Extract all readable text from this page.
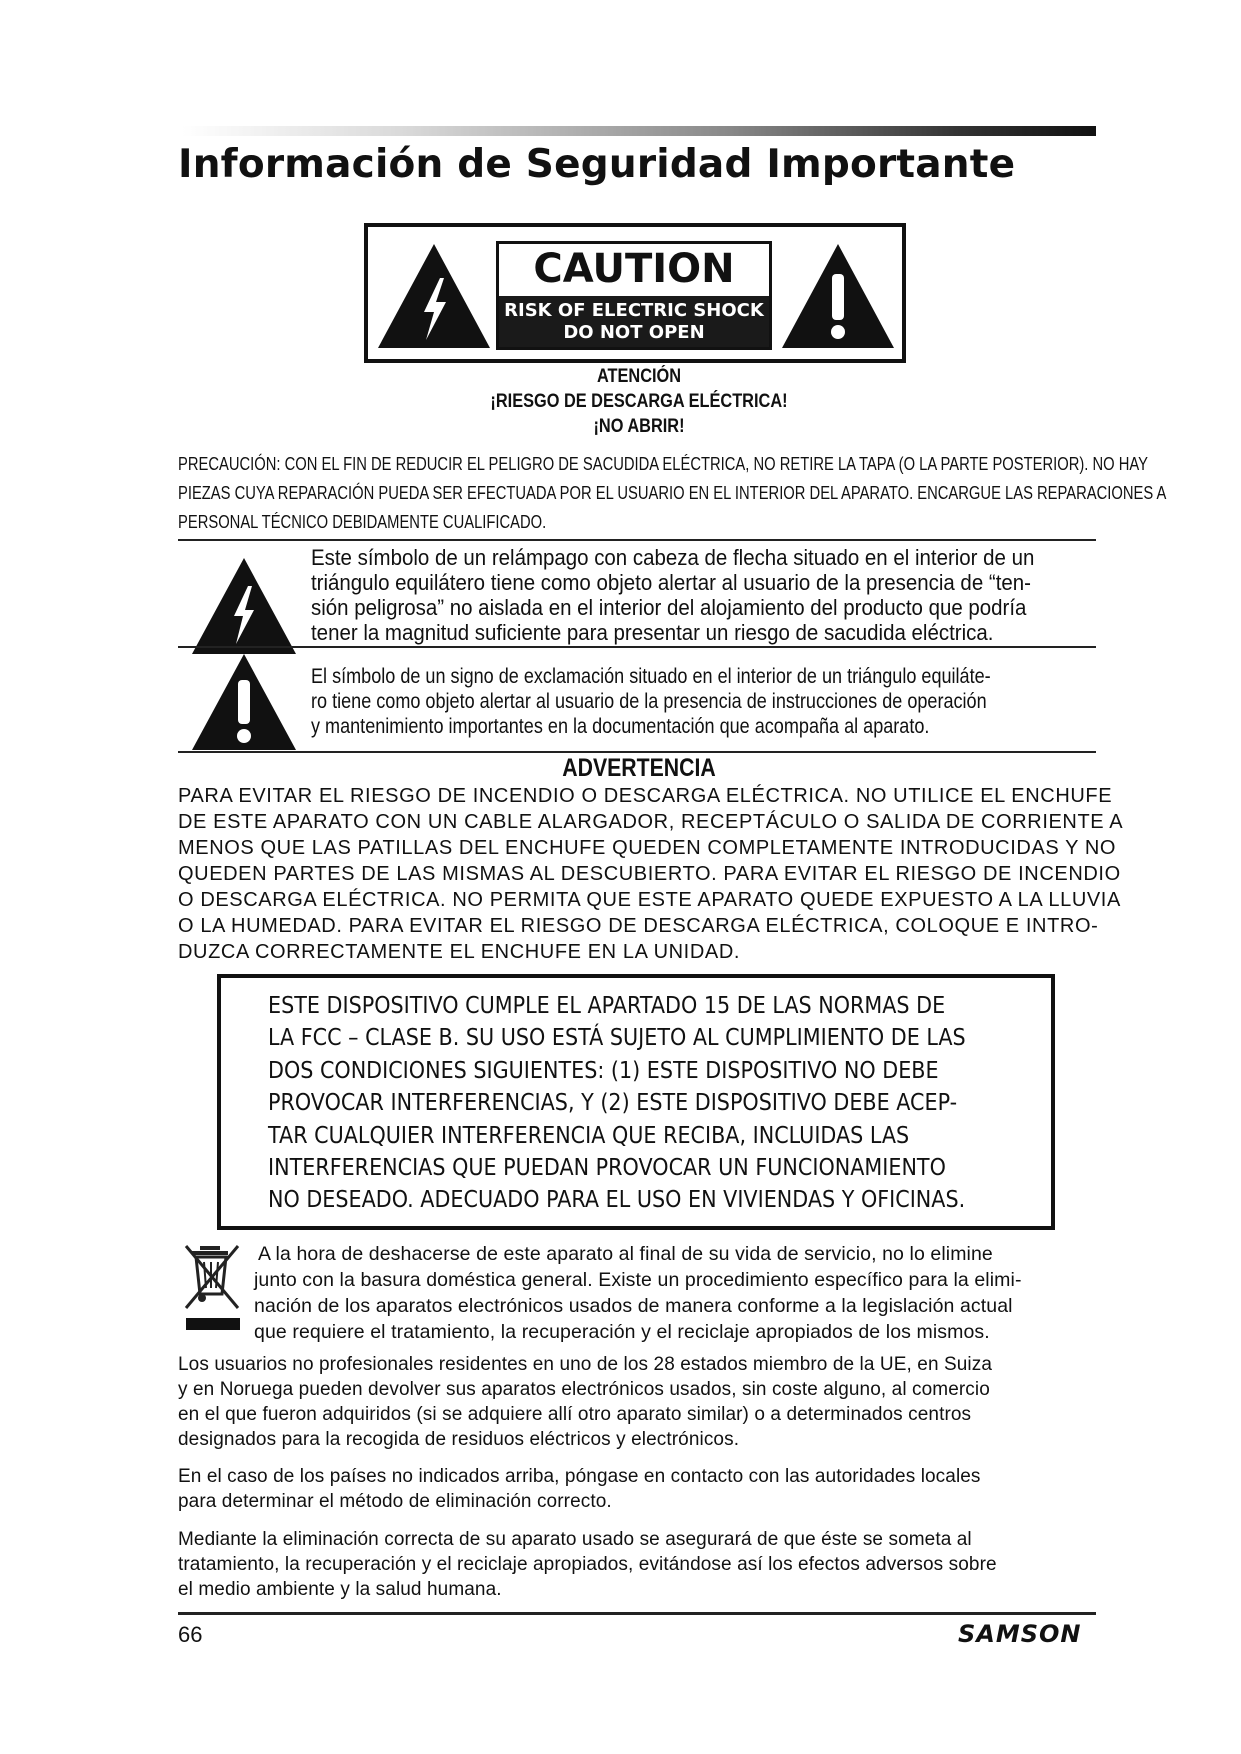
Información de Seguridad Importante
CAUTION
RISK OF ELECTRIC SHOCK
DO NOT OPEN
ATENCIÓN
¡RIESGO DE DESCARGA ELÉCTRICA!
¡NO ABRIR!
PRECAUCIÓN: CON EL FIN DE REDUCIR EL PELIGRO DE SACUDIDA ELÉCTRICA, NO RETIRE LA TAPA (O LA PARTE POSTERIOR). NO HAY
PIEZAS CUYA REPARACIÓN PUEDA SER EFECTUADA POR EL USUARIO EN EL INTERIOR DEL APARATO. ENCARGUE LAS REPARACIONES A
PERSONAL TÉCNICO DEBIDAMENTE CUALIFICADO.
Este símbolo de un relámpago con cabeza de flecha situado en el interior de un
triángulo equilátero tiene como objeto alertar al usuario de la presencia de “ten-
sión peligrosa” no aislada en el interior del alojamiento del producto que podría
tener la magnitud suficiente para presentar un riesgo de sacudida eléctrica.
El símbolo de un signo de exclamación situado en el interior de un triángulo equiláte-
ro tiene como objeto alertar al usuario de la presencia de instrucciones de operación
y mantenimiento importantes en la documentación que acompaña al aparato.
ADVERTENCIA
PARA EVITAR EL RIESGO DE INCENDIO O DESCARGA ELÉCTRICA. NO UTILICE EL ENCHUFE
DE ESTE APARATO CON UN CABLE ALARGADOR, RECEPTÁCULO O SALIDA DE CORRIENTE A
MENOS QUE LAS PATILLAS DEL ENCHUFE QUEDEN COMPLETAMENTE INTRODUCIDAS Y NO
QUEDEN PARTES DE LAS MISMAS AL DESCUBIERTO. PARA EVITAR EL RIESGO DE INCENDIO
O DESCARGA ELÉCTRICA. NO PERMITA QUE ESTE APARATO QUEDE EXPUESTO A LA LLUVIA
O LA HUMEDAD. PARA EVITAR EL RIESGO DE DESCARGA ELÉCTRICA, COLOQUE E INTRO-
DUZCA CORRECTAMENTE EL ENCHUFE EN LA UNIDAD.
ESTE DISPOSITIVO CUMPLE EL APARTADO 15 DE LAS NORMAS DE
LA FCC – CLASE B. SU USO ESTÁ SUJETO AL CUMPLIMIENTO DE LAS
DOS CONDICIONES SIGUIENTES: (1) ESTE DISPOSITIVO NO DEBE
PROVOCAR INTERFERENCIAS, Y (2) ESTE DISPOSITIVO DEBE ACEP-
TAR CUALQUIER INTERFERENCIA QUE RECIBA, INCLUIDAS LAS
INTERFERENCIAS QUE PUEDAN PROVOCAR UN FUNCIONAMIENTO
NO DESEADO. ADECUADO PARA EL USO EN VIVIENDAS Y OFICINAS.
A la hora de deshacerse de este aparato al final de su vida de servicio, no lo elimine
junto con la basura doméstica general. Existe un procedimiento específico para la elimi-
nación de los aparatos electrónicos usados de manera conforme a la legislación actual
que requiere el tratamiento, la recuperación y el reciclaje apropiados de los mismos.
Los usuarios no profesionales residentes en uno de los 28 estados miembro de la UE, en Suiza
y en Noruega pueden devolver sus aparatos electrónicos usados, sin coste alguno, al comercio
en el que fueron adquiridos (si se adquiere allí otro aparato similar) o a determinados centros
designados para la recogida de residuos eléctricos y electrónicos.
En el caso de los países no indicados arriba, póngase en contacto con las autoridades locales
para determinar el método de eliminación correcto.
Mediante la eliminación correcta de su aparato usado se asegurará de que éste se someta al
tratamiento, la recuperación y el reciclaje apropiados, evitándose así los efectos adversos sobre
el medio ambiente y la salud humana.
66	SAMSON
